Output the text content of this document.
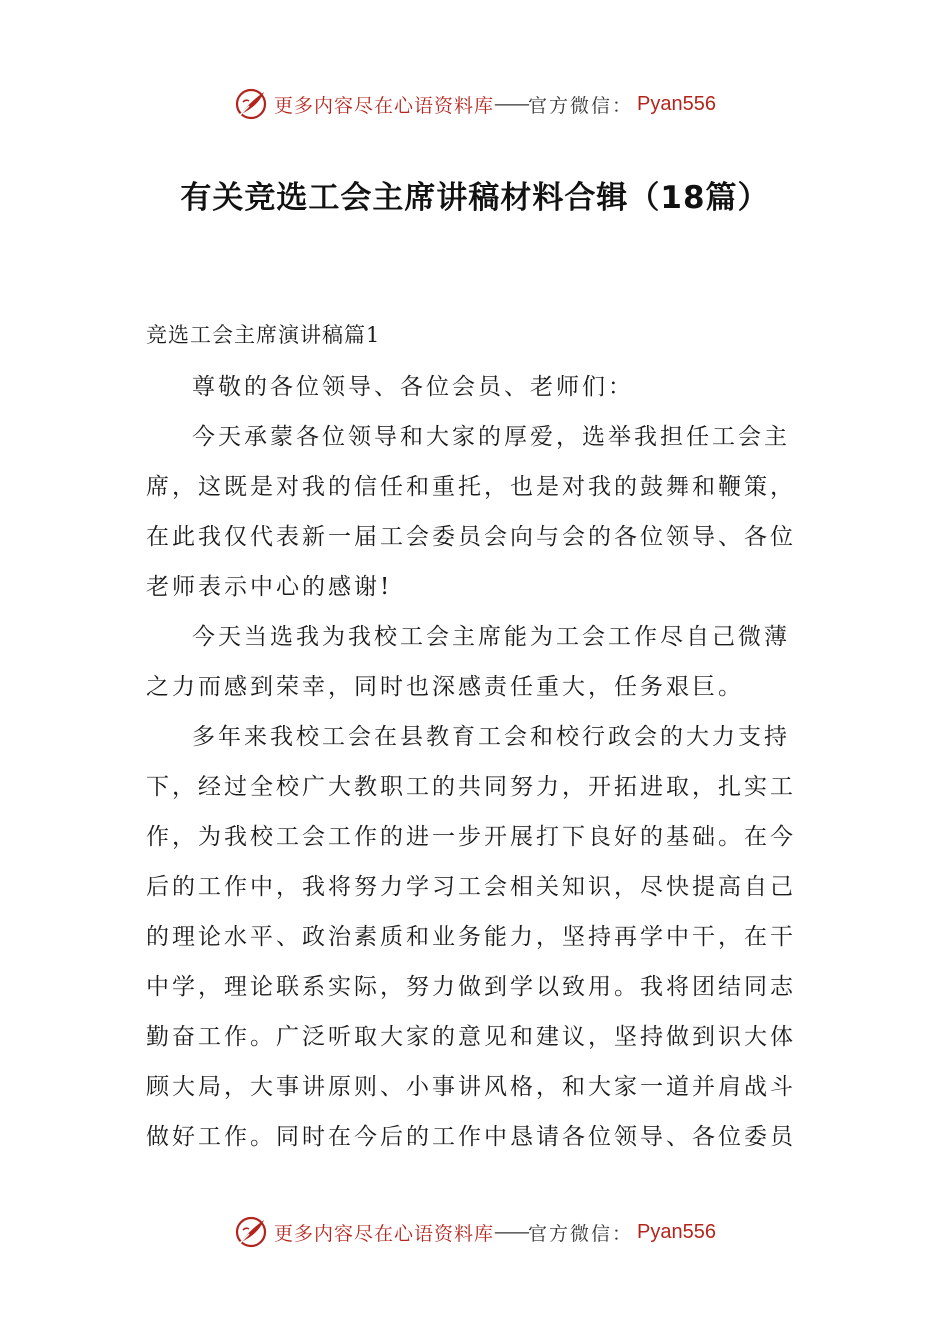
更多内容尽在心语资料库 —— 官方微信： Pyan556
有关竞选工会主席讲稿材料合辑（18篇）

竞选工会主席演讲稿篇1

尊敬的各位领导、各位会员、老师们：

今天承蒙各位领导和大家的厚爱，选举我担任工会主
席，这既是对我的信任和重托，也是对我的鼓舞和鞭策，
在此我仅代表新一届工会委员会向与会的各位领导、各位
老师表示中心的感谢!

今天当选我为我校工会主席能为工会工作尽自己微薄
之力而感到荣幸，同时也深感责任重大，任务艰巨。

多年来我校工会在县教育工会和校行政会的大力支持
下，经过全校广大教职工的共同努力，开拓进取，扎实工
作，为我校工会工作的进一步开展打下良好的基础。在今
后的工作中，我将努力学习工会相关知识，尽快提高自己
的理论水平、政治素质和业务能力，坚持再学中干，在干
中学，理论联系实际，努力做到学以致用。我将团结同志
勤奋工作。广泛听取大家的意见和建议，坚持做到识大体
顾大局，大事讲原则、小事讲风格，和大家一道并肩战斗
做好工作。同时在今后的工作中恳请各位领导、各位委员

更多内容尽在心语资料库 —— 官方微信： Pyan556
